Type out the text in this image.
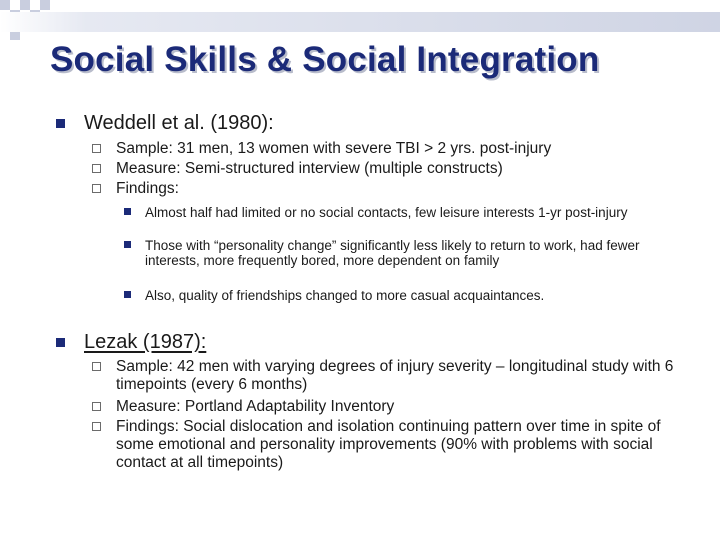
Social Skills & Social Integration
Weddell et al. (1980):
Sample: 31 men, 13 women with severe TBI > 2 yrs. post-injury
Measure: Semi-structured interview (multiple constructs)
Findings:
Almost half had limited or no social contacts, few leisure interests 1-yr post-injury
Those with “personality change” significantly less likely to return to work, had fewer interests, more frequently bored, more dependent on family
Also, quality of friendships changed to more casual acquaintances.
Lezak (1987):
Sample: 42 men with varying degrees of injury severity – longitudinal study with 6 timepoints (every 6 months)
Measure: Portland Adaptability Inventory
Findings: Social dislocation and isolation continuing pattern over time in spite of some emotional and personality improvements (90% with problems with social contact at all timepoints)
